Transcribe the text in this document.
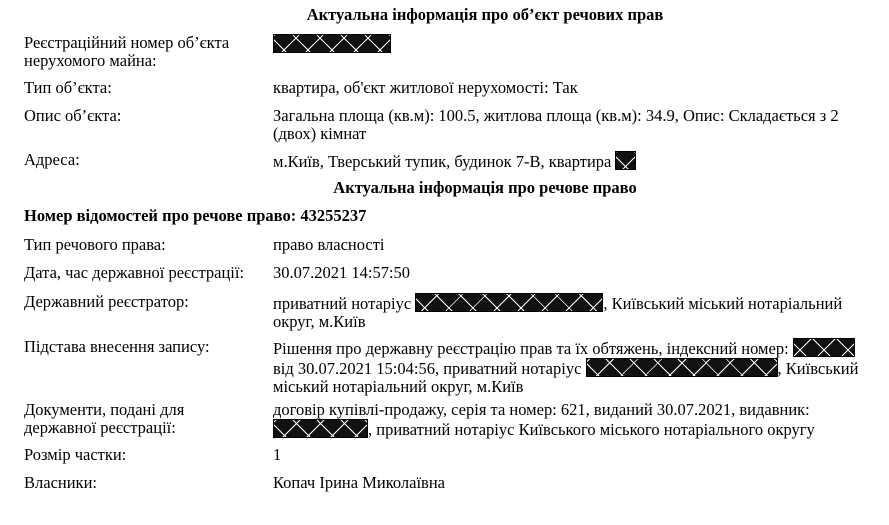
Актуальна інформація про об’єкт речових прав
Реєстраційний номер об’єкта нерухомого майна:
Тип об’єкта:	квартира, об'єкт житлової нерухомості: Так
Опис об’єкта:	Загальна площа (кв.м): 100.5, житлова площа (кв.м): 34.9, Опис: Складається з 2
(двох) кімнат
Адреса:	м.Київ, Тверський тупик, будинок 7-В, квартира
Актуальна інформація про речове право
Номер відомостей про речове право: 43255237
Тип речового права:	право власності
Дата, час державної реєстрації:	30.07.2021 14:57:50
Державний реєстратор:	приватний нотаріус	, Київський міський нотаріальний
округ, м.Київ
Підстава внесення запису:	Рішення про державну реєстрацію прав та їх обтяжень, індексний номер:
від 30.07.2021 15:04:56, приватний нотаріус	, Київський
міський нотаріальний округ, м.Київ
Документи, подані для
державної реєстрації:
договір купівлі-продажу, серія та номер: 621, виданий 30.07.2021, видавник:
, приватний нотаріус Київського міського нотаріального округу
Розмір частки:	1
Власники:	Копач Ірина Миколаївна
